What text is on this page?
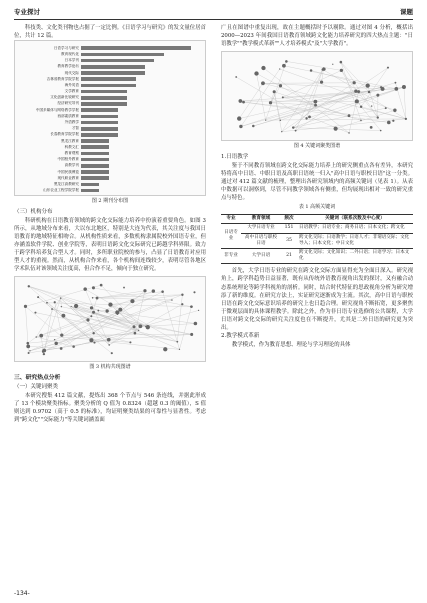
专业探讨	课题

科技类、文化类刊物也占据了一定比例。《日语学习与研究》的发文量位居首位，共计 12 篇。

日语学习与研究
教育现代化
日本学刊
教育教学论坛
现代交际
吉林省教育学院学报
海外英语
文学教育
文化创新比较研究
经济研究导刊
中国多媒体与网络教学学报
西部素质教育
外语教学
才智
长春教育学院学报
黑龙江教育
科教文汇
教育观察
中国校外教育
高教学刊
中国民族博览
现代职业教育
黑龙江高教研究
山东农业工程学院学报
图 2 期刊分布图
（三）机构分布

科研机构在日语教育领域的跨文化交际能力培养中扮演着重要角色。如图 3 所示，从地域分布来看，大以东北地区，特别是大连为代表，其关注度与我国日语教育的地域特征相吻合。从机构性质来看，多数机构隶属院校外国语专业，但亦涵盖软件学院、创业学院等，表明日语跨文化交际研究已跨越学科界限。致力于跨学科培养复合型人才。同时，多所职业院校的参与，凸显了日语教育对应用型人才的重视。然而，从机构合作来看，各个机构间连线较少，表明尽管各地区学术队伍对该领域关注度高，但合作不足，倾向于独立研究。

图 3 机构共现图谱
三、研究热点分析
（一）关键词聚类

本研究搜集 412 篇文献，提炼出 368 个节点与 546 条连线，并据此形成了 13 个模块聚类指标。聚类分析的 Q 值为 0.8324（超越 0.3 的阈值），S 值则达到 0.9702（高于 0.5 的标准），均证明聚类结果的可靠性与显著性。考虑到"跨文化""交际能力"等关键词涵盖面

广且在图谱中重复出现，故在主题概括时予以剔除。通过对图 4 分析，概括出 2000—2023 年间我国日语教育领域跨文化能力培养研究的四大热点主题："日语教学""教学模式革新""人才培养模式"及"大学教育"。

图 4 关键词聚类图谱
1.日语教学

鉴于不同教育领域在跨文化交际能力培养上的研究侧重点各有差异，本研究特将高中日语、中职日语及高职日语统一归入"高中日语与职校日语"这一分类。通过对 412 篇文献的梳理，整理出各研究领域内的高频关键词（见表 1）。从表中数据可以洞察到，尽管不同教学领域各有侧重，但均展现出相对一致的研究重点与特色。

表 1 高频关键词
专业	教育领域	频次	关键词（联系次数及中心度）
日语专业	大学日语专业	151	日语教学；日语专业；商务日语；日本文化；跨文化
	高中日语与职校日语	35	跨文化交际；日语教学；日语人才；非谓语交际；文化导入；日本文化；中日文化
非专业	大学日语	21	跨文化交际；文化知识；二外日语；日语学习；日本文化

首先，大学日语专业的研究在跨文化交际方面显得充为全面日深入。研究视角上，跨学科趋势日益显著，既有从传统外语教育视角出发的探讨，又有融合动态系统理论等跨学科视角的剖析。同时，结合时代特征的思政视角分析为研究增添了新的维度。在研究方法上，实证研究逐渐成为主流。其次，高中日语与职校日语在跨文化交际意识培养的研究上也日趋合理。研究视角不断拓宽，更多聚焦于微观层面的具体课程教学。除此之外，作为非日语专业选修的公共课程，大学日语对跨文化交际的研究关注度也在不断提升，尤其是二外日语的研究更为突出。

2.教学模式革新

教学模式，作为教育思想、理论与学习理论的具体

-134-
